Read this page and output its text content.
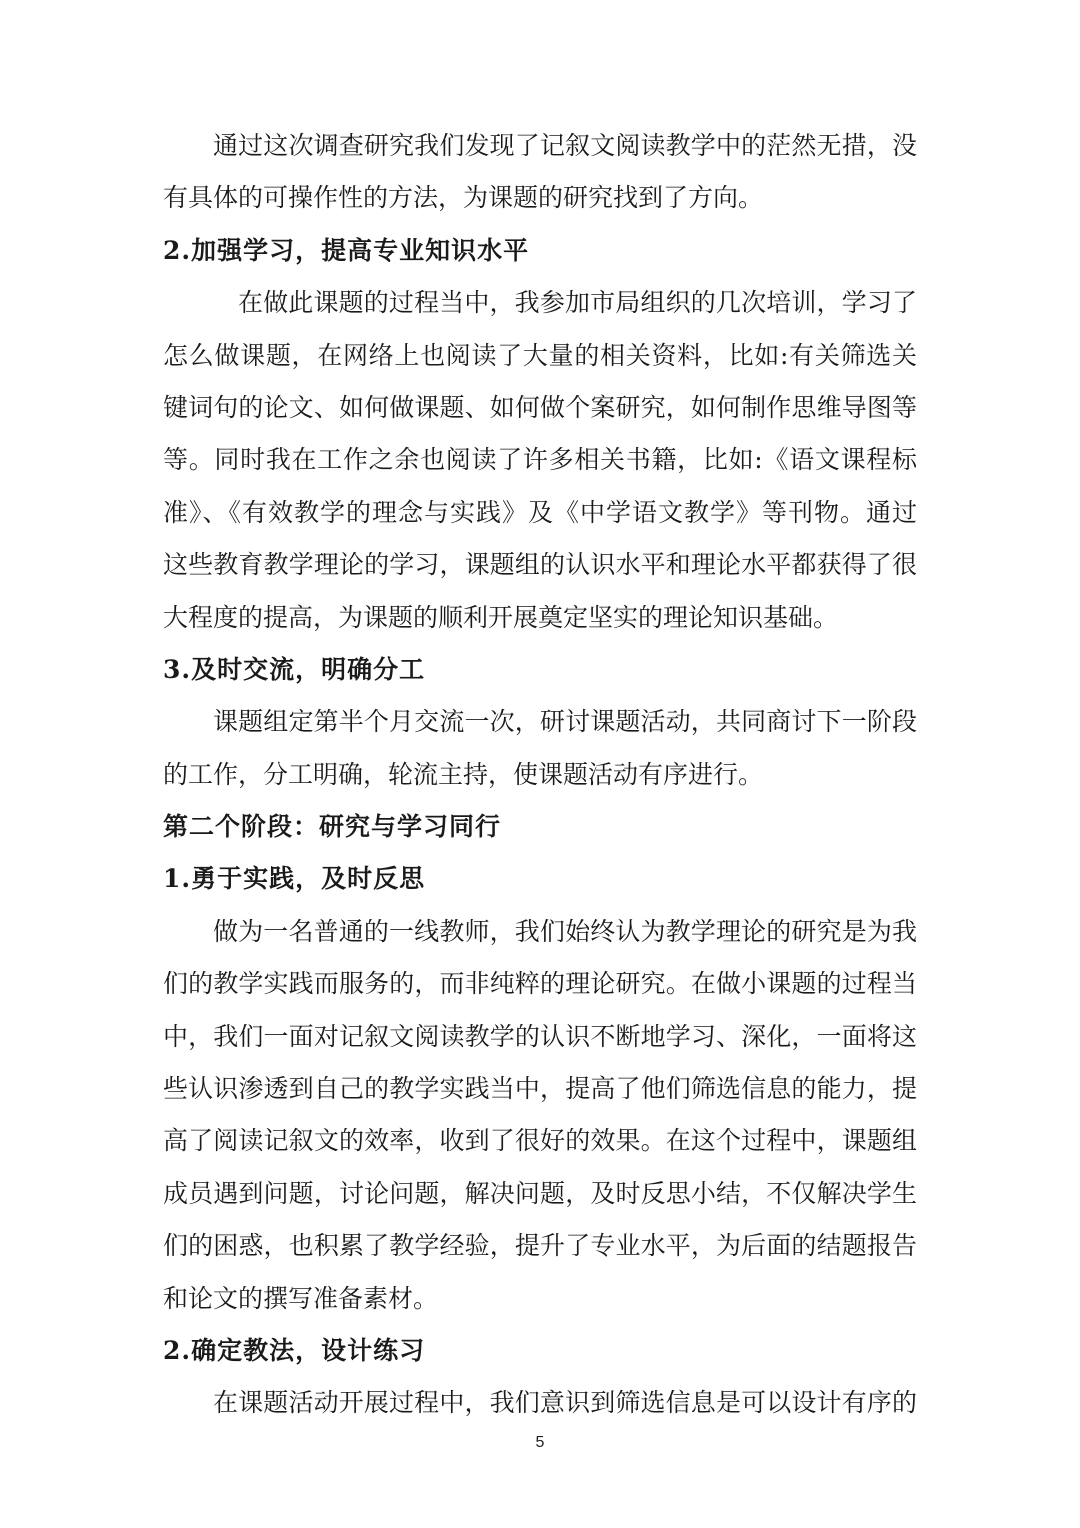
通过这次调查研究我们发现了记叙文阅读教学中的茫然无措，没
有具体的可操作性的方法，为课题的研究找到了方向。
2.加强学习，提高专业知识水平
在做此课题的过程当中，我参加市局组织的几次培训，学习了
怎么做课题，在网络上也阅读了大量的相关资料，比如:有关筛选关
键词句的论文、如何做课题、如何做个案研究，如何制作思维导图等
等。同时我在工作之余也阅读了许多相关书籍，比如:《语文课程标
准》、《有效教学的理念与实践》及《中学语文教学》等刊物。通过
这些教育教学理论的学习，课题组的认识水平和理论水平都获得了很
大程度的提高，为课题的顺利开展奠定坚实的理论知识基础。
3.及时交流，明确分工
课题组定第半个月交流一次，研讨课题活动，共同商讨下一阶段
的工作，分工明确，轮流主持，使课题活动有序进行。
第二个阶段：研究与学习同行
1.勇于实践，及时反思
做为一名普通的一线教师，我们始终认为教学理论的研究是为我
们的教学实践而服务的，而非纯粹的理论研究。在做小课题的过程当
中，我们一面对记叙文阅读教学的认识不断地学习、深化，一面将这
些认识渗透到自己的教学实践当中，提高了他们筛选信息的能力，提
高了阅读记叙文的效率，收到了很好的效果。在这个过程中，课题组
成员遇到问题，讨论问题，解决问题，及时反思小结，不仅解决学生
们的困惑，也积累了教学经验，提升了专业水平，为后面的结题报告
和论文的撰写准备素材。
2.确定教法，设计练习
在课题活动开展过程中，我们意识到筛选信息是可以设计有序的
5
